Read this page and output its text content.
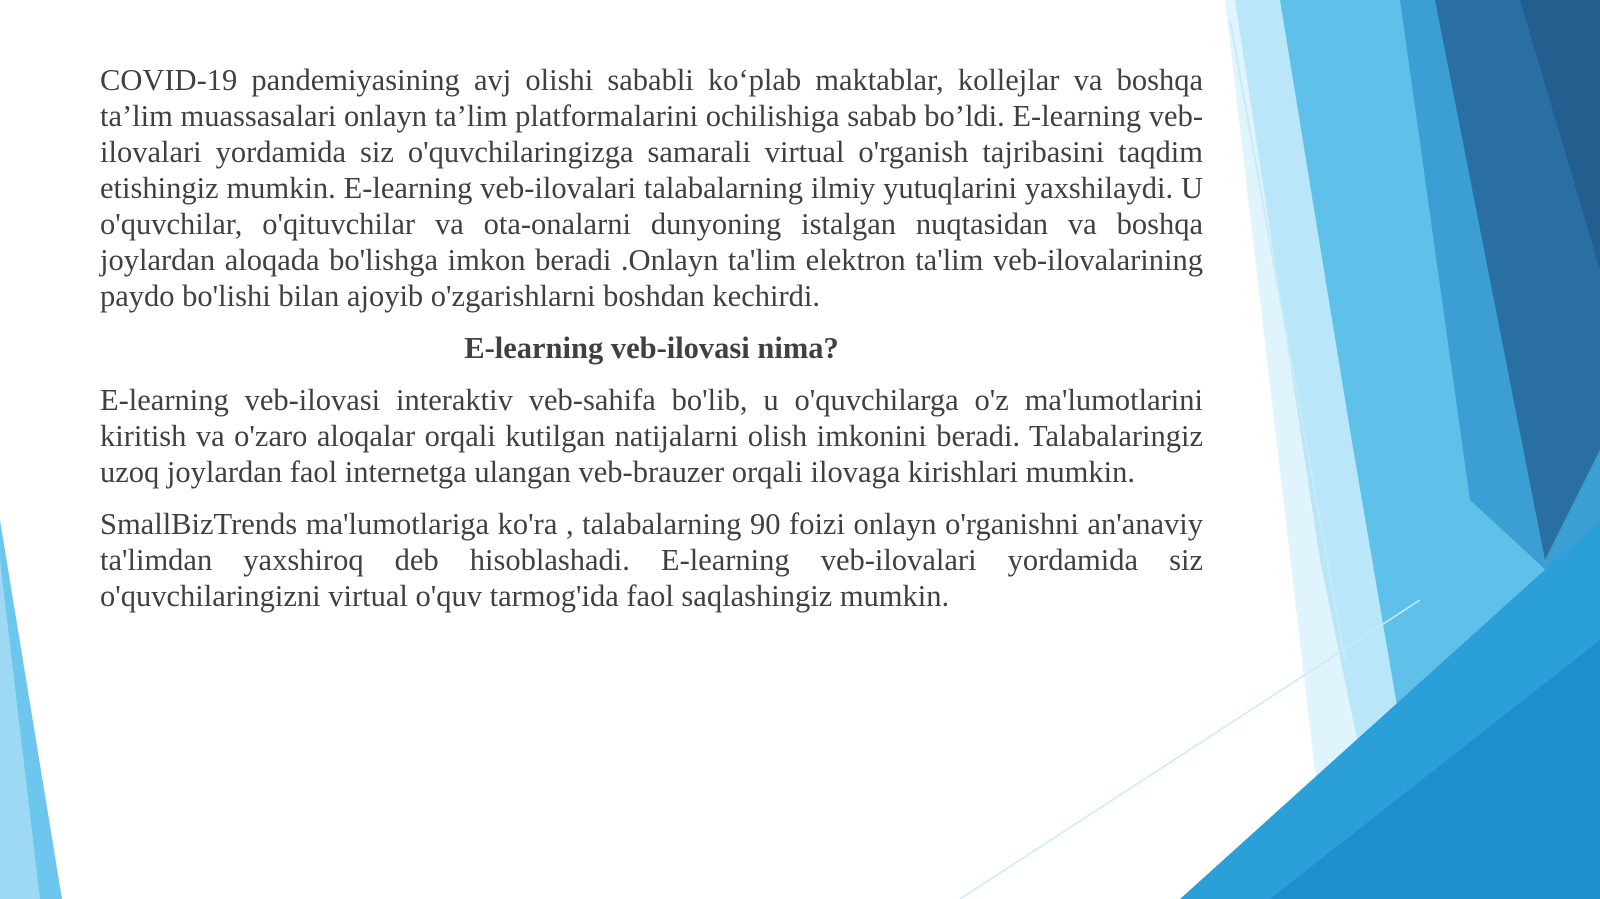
COVID-19 pandemiyasining avj olishi sababli ko‘plab maktablar, kollejlar va boshqa ta’lim muassasalari onlayn ta’lim platformalarini ochilishiga sabab bo’ldi. E-learning veb-ilovalari yordamida siz o'quvchilaringizga samarali virtual o'rganish tajribasini taqdim etishingiz mumkin. E-learning veb-ilovalari talabalarning ilmiy yutuqlarini yaxshilaydi. U o'quvchilar, o'qituvchilar va ota-onalarni dunyoning istalgan nuqtasidan va boshqa joylardan aloqada bo'lishga imkon beradi .Onlayn ta'lim elektron ta'lim veb-ilovalarining paydo bo'lishi bilan ajoyib o'zgarishlarni boshdan kechirdi.

E-learning veb-ilovasi nima?

E-learning veb-ilovasi interaktiv veb-sahifa bo'lib, u o'quvchilarga o'z ma'lumotlarini kiritish va o'zaro aloqalar orqali kutilgan natijalarni olish imkonini beradi. Talabalaringiz uzoq joylardan faol internetga ulangan veb-brauzer orqali ilovaga kirishlari mumkin.

SmallBizTrends ma'lumotlariga ko'ra , talabalarning 90 foizi onlayn o'rganishni an'anaviy ta'limdan yaxshiroq deb hisoblashadi. E-learning veb-ilovalari yordamida siz o'quvchilaringizni virtual o'quv tarmog'ida faol saqlashingiz mumkin.
